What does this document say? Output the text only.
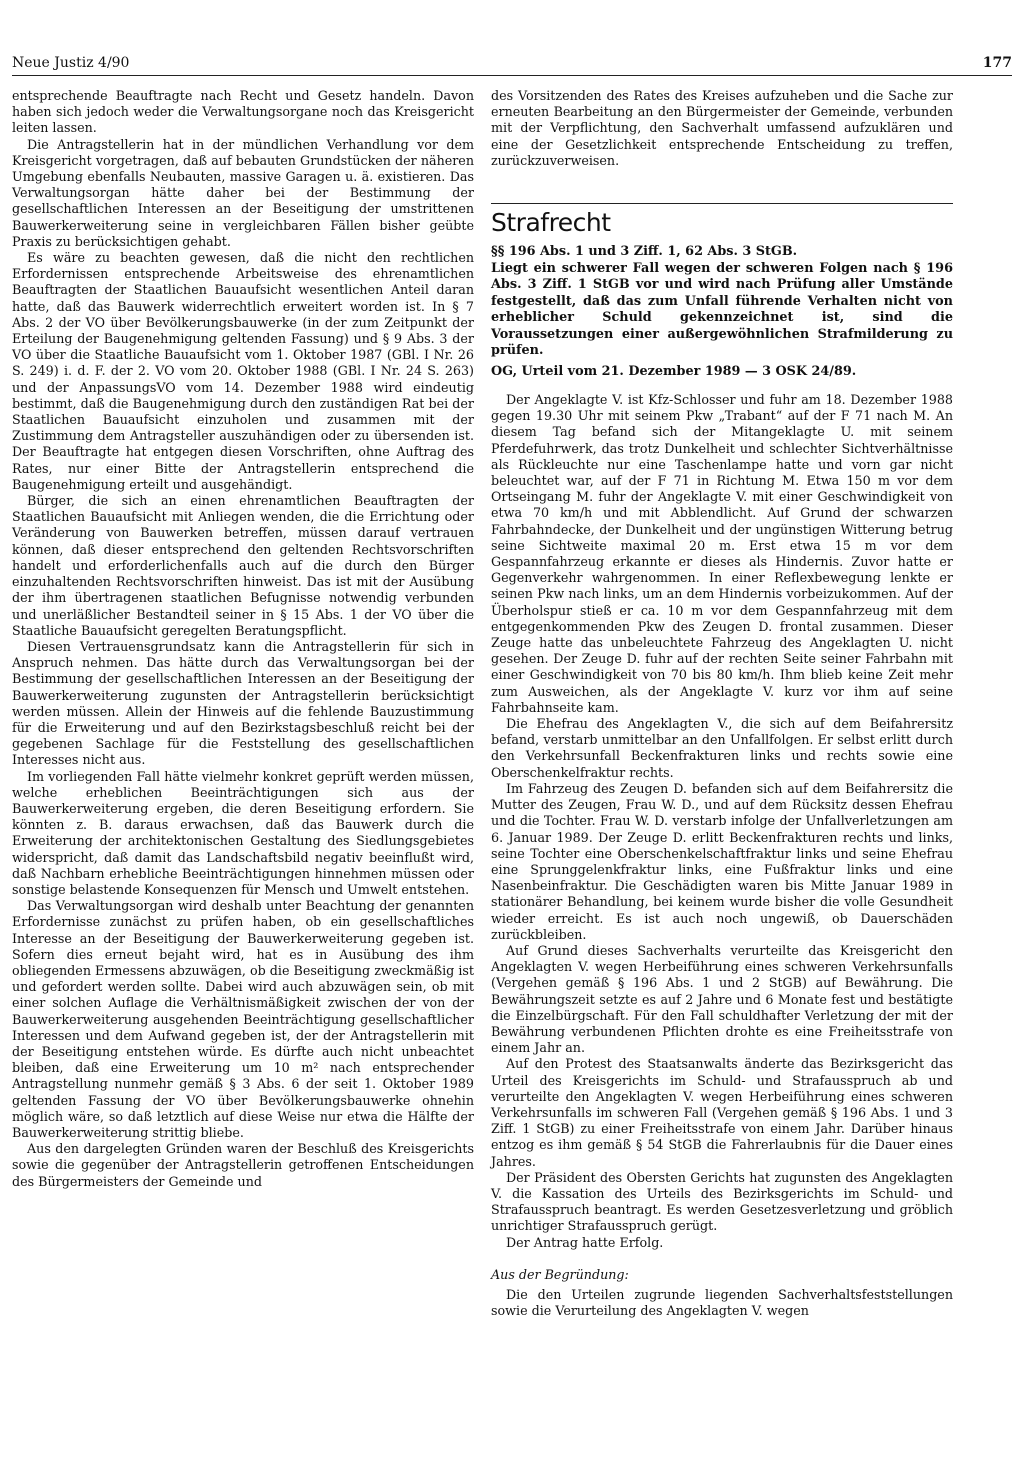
Neue Justiz 4/90	177

entsprechende Beauftragte nach Recht und Gesetz handeln. Davon haben sich jedoch weder die Verwaltungsorgane noch das Kreisgericht leiten lassen.

Die Antragstellerin hat in der mündlichen Verhandlung vor dem Kreisgericht vorgetragen, daß auf bebauten Grundstücken der näheren Umgebung ebenfalls Neubauten, massive Garagen u. ä. existieren. Das Verwaltungsorgan hätte daher bei der Bestimmung der gesellschaftlichen Interessen an der Beseitigung der umstrittenen Bauwerkerweiterung seine in vergleichbaren Fällen bisher geübte Praxis zu berücksichtigen gehabt.

Es wäre zu beachten gewesen, daß die nicht den rechtlichen Erfordernissen entsprechende Arbeitsweise des ehrenamtlichen Beauftragten der Staatlichen Bauaufsicht wesentlichen Anteil daran hatte, daß das Bauwerk widerrechtlich erweitert worden ist. In § 7 Abs. 2 der VO über Bevölkerungsbauwerke (in der zum Zeitpunkt der Erteilung der Baugenehmigung geltenden Fassung) und § 9 Abs. 3 der VO über die Staatliche Bauaufsicht vom 1. Oktober 1987 (GBl. I Nr. 26 S. 249) i. d. F. der 2. VO vom 20. Oktober 1988 (GBl. I Nr. 24 S. 263) und der AnpassungsVO vom 14. Dezember 1988 wird eindeutig bestimmt, daß die Baugenehmigung durch den zuständigen Rat bei der Staatlichen Bauaufsicht einzuholen und zusammen mit der Zustimmung dem Antragsteller auszuhändigen oder zu übersenden ist. Der Beauftragte hat entgegen diesen Vorschriften, ohne Auftrag des Rates, nur einer Bitte der Antragstellerin entsprechend die Baugenehmigung erteilt und ausgehändigt.

Bürger, die sich an einen ehrenamtlichen Beauftragten der Staatlichen Bauaufsicht mit Anliegen wenden, die die Errichtung oder Veränderung von Bauwerken betreffen, müssen darauf vertrauen können, daß dieser entsprechend den geltenden Rechtsvorschriften handelt und erforderlichenfalls auch auf die durch den Bürger einzuhaltenden Rechtsvorschriften hinweist. Das ist mit der Ausübung der ihm übertragenen staatlichen Befugnisse notwendig verbunden und unerläßlicher Bestandteil seiner in § 15 Abs. 1 der VO über die Staatliche Bauaufsicht geregelten Beratungspflicht.

Diesen Vertrauensgrundsatz kann die Antragstellerin für sich in Anspruch nehmen. Das hätte durch das Verwaltungsorgan bei der Bestimmung der gesellschaftlichen Interessen an der Beseitigung der Bauwerkerweiterung zugunsten der Antragstellerin berücksichtigt werden müssen. Allein der Hinweis auf die fehlende Bauzustimmung für die Erweiterung und auf den Bezirkstagsbeschluß reicht bei der gegebenen Sachlage für die Feststellung des gesellschaftlichen Interesses nicht aus.

Im vorliegenden Fall hätte vielmehr konkret geprüft werden müssen, welche erheblichen Beeinträchtigungen sich aus der Bauwerkerweiterung ergeben, die deren Beseitigung erfordern. Sie könnten z. B. daraus erwachsen, daß das Bauwerk durch die Erweiterung der architektonischen Gestaltung des Siedlungsgebietes widerspricht, daß damit das Landschaftsbild negativ beeinflußt wird, daß Nachbarn erhebliche Beeinträchtigungen hinnehmen müssen oder sonstige belastende Konsequenzen für Mensch und Umwelt entstehen.

Das Verwaltungsorgan wird deshalb unter Beachtung der genannten Erfordernisse zunächst zu prüfen haben, ob ein gesellschaftliches Interesse an der Beseitigung der Bauwerkerweiterung gegeben ist. Sofern dies erneut bejaht wird, hat es in Ausübung des ihm obliegenden Ermessens abzuwägen, ob die Beseitigung zweckmäßig ist und gefordert werden sollte. Dabei wird auch abzuwägen sein, ob mit einer solchen Auflage die Verhältnismäßigkeit zwischen der von der Bauwerkerweiterung ausgehenden Beeinträchtigung gesellschaftlicher Interessen und dem Aufwand gegeben ist, der der Antragstellerin mit der Beseitigung entstehen würde. Es dürfte auch nicht unbeachtet bleiben, daß eine Erweiterung um 10 m² nach entsprechender Antragstellung nunmehr gemäß § 3 Abs. 6 der seit 1. Oktober 1989 geltenden Fassung der VO über Bevölkerungsbauwerke ohnehin möglich wäre, so daß letztlich auf diese Weise nur etwa die Hälfte der Bauwerkerweiterung strittig bliebe.

Aus den dargelegten Gründen waren der Beschluß des Kreisgerichts sowie die gegenüber der Antragstellerin getroffenen Entscheidungen des Bürgermeisters der Gemeinde und

des Vorsitzenden des Rates des Kreises aufzuheben und die Sache zur erneuten Bearbeitung an den Bürgermeister der Gemeinde, verbunden mit der Verpflichtung, den Sachverhalt umfassend aufzuklären und eine der Gesetzlichkeit entsprechende Entscheidung zu treffen, zurückzuverweisen.

Strafrecht

§§ 196 Abs. 1 und 3 Ziff. 1, 62 Abs. 3 StGB.

Liegt ein schwerer Fall wegen der schweren Folgen nach § 196 Abs. 3 Ziff. 1 StGB vor und wird nach Prüfung aller Umstände festgestellt, daß das zum Unfall führende Verhalten nicht von erheblicher Schuld gekennzeichnet ist, sind die Voraussetzungen einer außergewöhnlichen Strafmilderung zu prüfen.

OG, Urteil vom 21. Dezember 1989 — 3 OSK 24/89.

Der Angeklagte V. ist Kfz-Schlosser und fuhr am 18. Dezember 1988 gegen 19.30 Uhr mit seinem Pkw „Trabant“ auf der F 71 nach M. An diesem Tag befand sich der Mitangeklagte U. mit seinem Pferdefuhrwerk, das trotz Dunkelheit und schlechter Sichtverhältnisse als Rückleuchte nur eine Taschenlampe hatte und vorn gar nicht beleuchtet war, auf der F 71 in Richtung M. Etwa 150 m vor dem Ortseingang M. fuhr der Angeklagte V. mit einer Geschwindigkeit von etwa 70 km/h und mit Abblendlicht. Auf Grund der schwarzen Fahrbahndecke, der Dunkelheit und der ungünstigen Witterung betrug seine Sichtweite maximal 20 m. Erst etwa 15 m vor dem Gespannfahrzeug erkannte er dieses als Hindernis. Zuvor hatte er Gegenverkehr wahrgenommen. In einer Reflexbewegung lenkte er seinen Pkw nach links, um an dem Hindernis vorbeizukommen. Auf der Überholspur stieß er ca. 10 m vor dem Gespannfahrzeug mit dem entgegenkommenden Pkw des Zeugen D. frontal zusammen. Dieser Zeuge hatte das unbeleuchtete Fahrzeug des Angeklagten U. nicht gesehen. Der Zeuge D. fuhr auf der rechten Seite seiner Fahrbahn mit einer Geschwindigkeit von 70 bis 80 km/h. Ihm blieb keine Zeit mehr zum Ausweichen, als der Angeklagte V. kurz vor ihm auf seine Fahrbahnseite kam.

Die Ehefrau des Angeklagten V., die sich auf dem Beifahrersitz befand, verstarb unmittelbar an den Unfallfolgen. Er selbst erlitt durch den Verkehrsunfall Beckenfrakturen links und rechts sowie eine Oberschenkelfraktur rechts.

Im Fahrzeug des Zeugen D. befanden sich auf dem Beifahrersitz die Mutter des Zeugen, Frau W. D., und auf dem Rücksitz dessen Ehefrau und die Tochter. Frau W. D. verstarb infolge der Unfallverletzungen am 6. Januar 1989. Der Zeuge D. erlitt Beckenfrakturen rechts und links, seine Tochter eine Oberschenkelschaftfraktur links und seine Ehefrau eine Sprunggelenkfraktur links, eine Fußfraktur links und eine Nasenbeinfraktur. Die Geschädigten waren bis Mitte Januar 1989 in stationärer Behandlung, bei keinem wurde bisher die volle Gesundheit wieder erreicht. Es ist auch noch ungewiß, ob Dauerschäden zurückbleiben.

Auf Grund dieses Sachverhalts verurteilte das Kreisgericht den Angeklagten V. wegen Herbeiführung eines schweren Verkehrsunfalls (Vergehen gemäß § 196 Abs. 1 und 2 StGB) auf Bewährung. Die Bewährungszeit setzte es auf 2 Jahre und 6 Monate fest und bestätigte die Einzelbürgschaft. Für den Fall schuldhafter Verletzung der mit der Bewährung verbundenen Pflichten drohte es eine Freiheitsstrafe von einem Jahr an.

Auf den Protest des Staatsanwalts änderte das Bezirksgericht das Urteil des Kreisgerichts im Schuld- und Strafausspruch ab und verurteilte den Angeklagten V. wegen Herbeiführung eines schweren Verkehrsunfalls im schweren Fall (Vergehen gemäß § 196 Abs. 1 und 3 Ziff. 1 StGB) zu einer Freiheitsstrafe von einem Jahr. Darüber hinaus entzog es ihm gemäß § 54 StGB die Fahrerlaubnis für die Dauer eines Jahres.

Der Präsident des Obersten Gerichts hat zugunsten des Angeklagten V. die Kassation des Urteils des Bezirksgerichts im Schuld- und Strafausspruch beantragt. Es werden Gesetzesverletzung und gröblich unrichtiger Strafausspruch gerügt.

Der Antrag hatte Erfolg.

Aus der Begründung:

Die den Urteilen zugrunde liegenden Sachverhaltsfeststellungen sowie die Verurteilung des Angeklagten V. wegen
